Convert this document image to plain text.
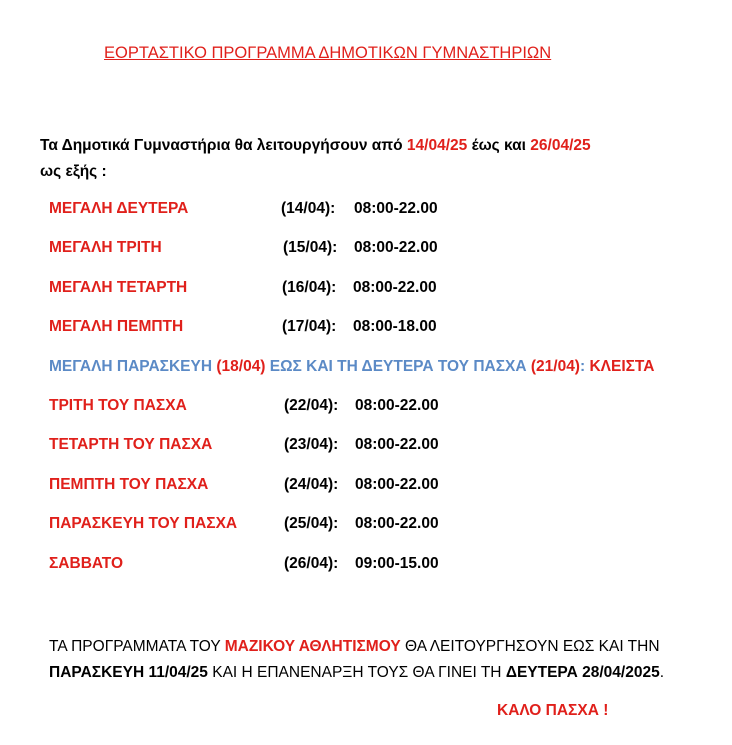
ΕΟΡΤΑΣΤΙΚΟ ΠΡΟΓΡΑΜΜΑ ΔΗΜΟΤΙΚΩΝ ΓΥΜΝΑΣΤΗΡΙΩΝ
Τα Δημοτικά Γυμναστήρια θα λειτουργήσουν από 14/04/25 έως και 26/04/25
ως εξής :
ΜΕΓΑΛΗ ΔΕΥΤΕΡΑ	(14/04): 08:00-22.00
ΜΕΓΑΛΗ ΤΡΙΤΗ	(15/04): 08:00-22.00
ΜΕΓΑΛΗ ΤΕΤΑΡΤΗ	(16/04): 08:00-22.00
ΜΕΓΑΛΗ ΠΕΜΠΤΗ	(17/04): 08:00-18.00
ΜΕΓΑΛΗ ΠΑΡΑΣΚΕΥΗ (18/04) ΕΩΣ ΚΑΙ ΤΗ ΔΕΥΤΕΡΑ ΤΟΥ ΠΑΣΧΑ (21/04): ΚΛΕΙΣΤΑ
ΤΡΙΤΗ ΤΟΥ ΠΑΣΧΑ	(22/04): 08:00-22.00
ΤΕΤΑΡΤΗ ΤΟΥ ΠΑΣΧΑ	(23/04): 08:00-22.00
ΠΕΜΠΤΗ ΤΟΥ ΠΑΣΧΑ	(24/04): 08:00-22.00
ΠΑΡΑΣΚΕΥΗ ΤΟΥ ΠΑΣΧΑ	(25/04): 08:00-22.00
ΣΑΒΒΑΤΟ	(26/04): 09:00-15.00
ΤΑ ΠΡΟΓΡΑΜΜΑΤΑ ΤΟΥ ΜΑΖΙΚΟΥ ΑΘΛΗΤΙΣΜΟΥ ΘΑ ΛΕΙΤΟΥΡΓΗΣΟΥΝ ΕΩΣ ΚΑΙ ΤΗΝ ΠΑΡΑΣΚΕΥΗ 11/04/25 ΚΑΙ Η ΕΠΑΝΕΝΑΡΞΗ ΤΟΥΣ ΘΑ ΓΙΝΕΙ ΤΗ ΔΕΥΤΕΡΑ 28/04/2025.
ΚΑΛΟ ΠΑΣΧΑ !
